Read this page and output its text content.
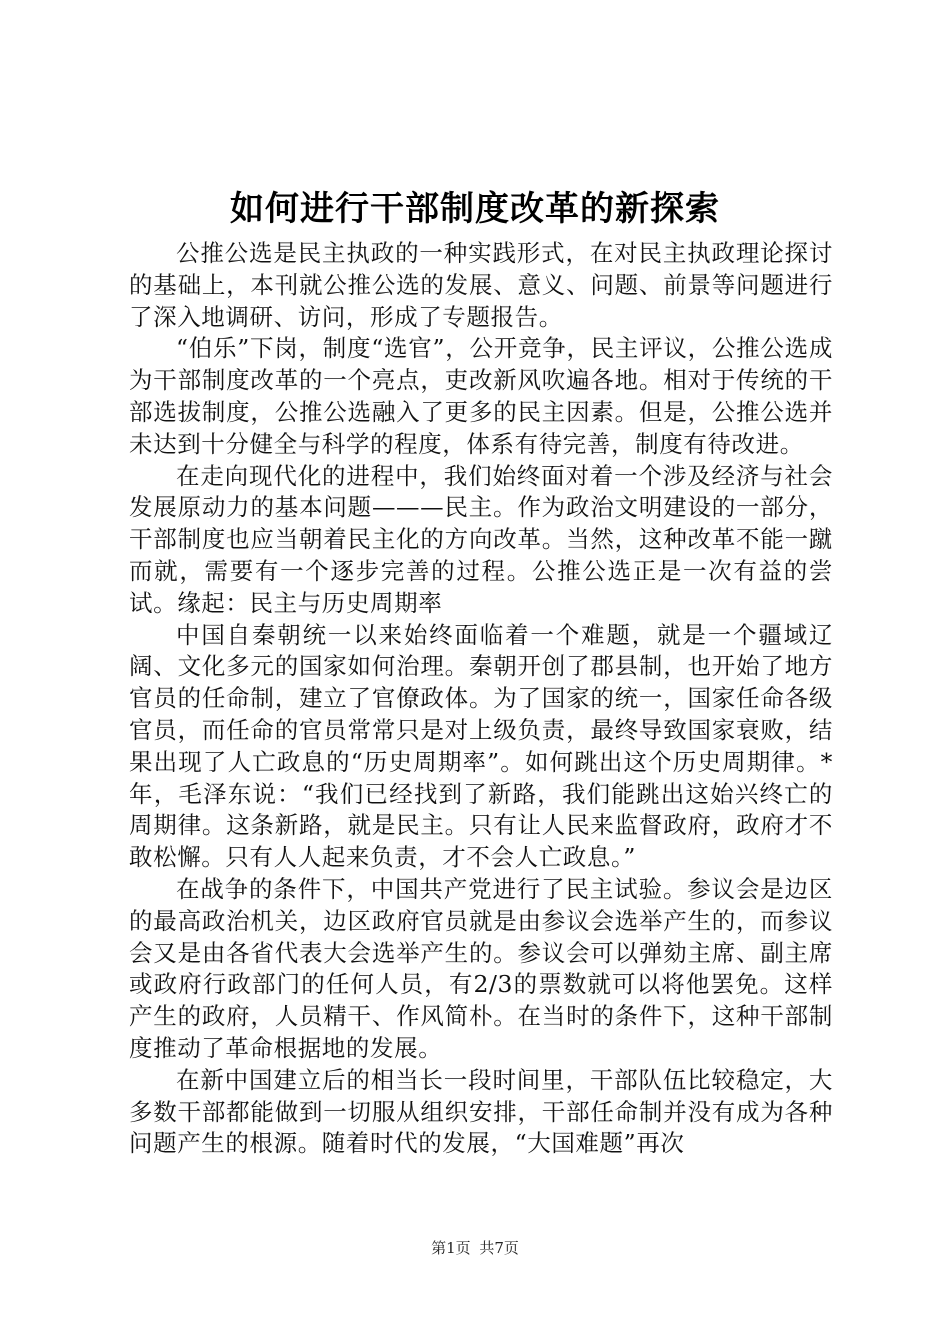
如何进行干部制度改革的新探索

公推公选是民主执政的一种实践形式，在对民主执政理论探讨的基础上，本刊就公推公选的发展、意义、问题、前景等问题进行了深入地调研、访问，形成了专题报告。

“伯乐”下岗，制度“选官”，公开竞争，民主评议，公推公选成为干部制度改革的一个亮点，吏改新风吹遍各地。相对于传统的干部选拔制度，公推公选融入了更多的民主因素。但是，公推公选并未达到十分健全与科学的程度，体系有待完善，制度有待改进。

在走向现代化的进程中，我们始终面对着一个涉及经济与社会发展原动力的基本问题———民主。作为政治文明建设的一部分，干部制度也应当朝着民主化的方向改革。当然，这种改革不能一蹴而就，需要有一个逐步完善的过程。公推公选正是一次有益的尝试。缘起：民主与历史周期率

中国自秦朝统一以来始终面临着一个难题，就是一个疆域辽阔、文化多元的国家如何治理。秦朝开创了郡县制，也开始了地方官员的任命制，建立了官僚政体。为了国家的统一，国家任命各级官员，而任命的官员常常只是对上级负责，最终导致国家衰败，结果出现了人亡政息的“历史周期率”。如何跳出这个历史周期律。*年，毛泽东说：“我们已经找到了新路，我们能跳出这始兴终亡的周期律。这条新路，就是民主。只有让人民来监督政府，政府才不敢松懈。只有人人起来负责，才不会人亡政息。”

在战争的条件下，中国共产党进行了民主试验。参议会是边区的最高政治机关，边区政府官员就是由参议会选举产生的，而参议会又是由各省代表大会选举产生的。参议会可以弹劾主席、副主席或政府行政部门的任何人员，有2/3的票数就可以将他罢免。这样产生的政府，人员精干、作风简朴。在当时的条件下，这种干部制度推动了革命根据地的发展。

在新中国建立后的相当长一段时间里，干部队伍比较稳定，大多数干部都能做到一切服从组织安排，干部任命制并没有成为各种问题产生的根源。随着时代的发展，“大国难题”再次

第1页 共7页
